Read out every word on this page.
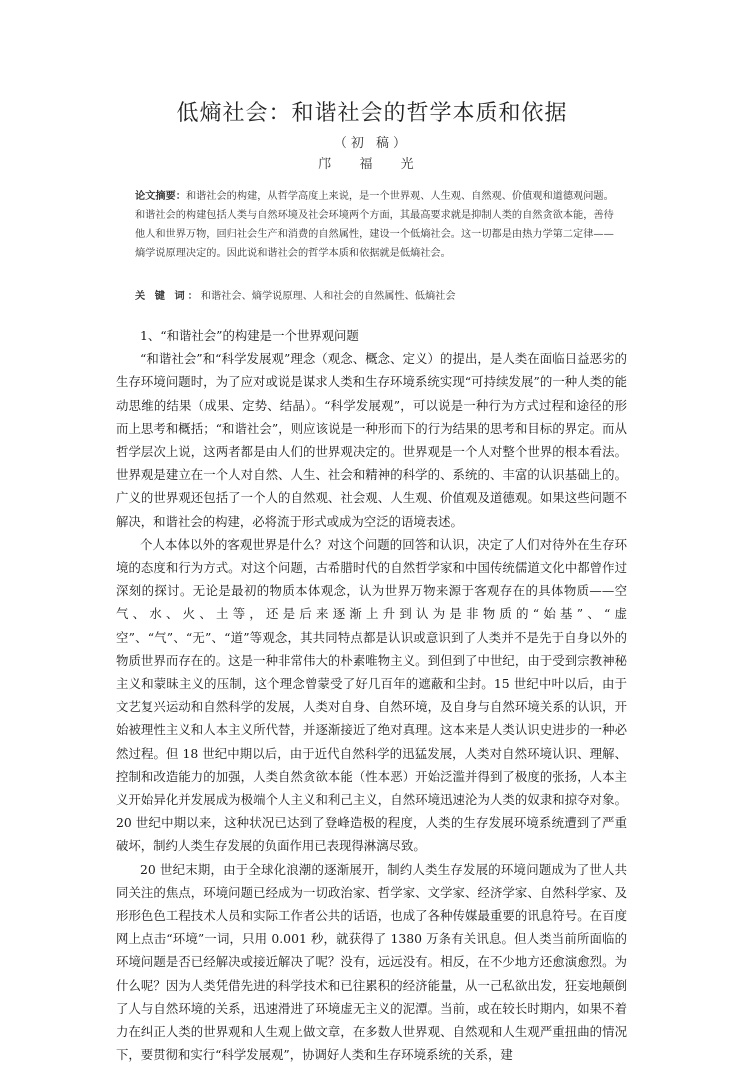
低熵社会：和谐社会的哲学本质和依据
（初 稿）
邝 福 光
论文摘要：和谐社会的构建，从哲学高度上来说，是一个世界观、人生观、自然观、价值观和道德观问题。和谐社会的构建包括人类与自然环境及社会环境两个方面，其最高要求就是抑制人类的自然贪欲本能，善待他人和世界万物，回归社会生产和消费的自然属性，建设一个低熵社会。这一切都是由热力学第二定律——熵学说原理决定的。因此说和谐社会的哲学本质和依据就是低熵社会。
关 键 词：和谐社会、熵学说原理、人和社会的自然属性、低熵社会

1、“和谐社会”的构建是一个世界观问题

“和谐社会”和“科学发展观”理念（观念、概念、定义）的提出，是人类在面临日益恶劣的生存环境问题时，为了应对或说是谋求人类和生存环境系统实现“可持续发展”的一种人类的能动思维的结果（成果、定势、结晶）。“科学发展观”，可以说是一种行为方式过程和途径的形而上思考和概括；“和谐社会”，则应该说是一种形而下的行为结果的思考和目标的界定。而从哲学层次上说，这两者都是由人们的世界观决定的。世界观是一个人对整个世界的根本看法。世界观是建立在一个人对自然、人生、社会和精神的科学的、系统的、丰富的认识基础上的。广义的世界观还包括了一个人的自然观、社会观、人生观、价值观及道德观。如果这些问题不解决，和谐社会的构建，必将流于形式或成为空泛的语境表述。

个人本体以外的客观世界是什么？对这个问题的回答和认识，决定了人们对待外在生存环境的态度和行为方式。对这个问题，古希腊时代的自然哲学家和中国传统儒道文化中都曾作过深刻的探讨。无论是最初的物质本体观念，认为世界万物来源于客观存在的具体物质——空气、水、火、土等，还是后来逐渐上升到认为是非物质的“始基”、“虚空”、“气”、“无”、“道”等观念，其共同特点都是认识或意识到了人类并不是先于自身以外的物质世界而存在的。这是一种非常伟大的朴素唯物主义。到但到了中世纪，由于受到宗教神秘主义和蒙昧主义的压制，这个理念曾蒙受了好几百年的遮蔽和尘封。15 世纪中叶以后，由于文艺复兴运动和自然科学的发展，人类对自身、自然环境，及自身与自然环境关系的认识，开始被理性主义和人本主义所代替，并逐渐接近了绝对真理。这本来是人类认识史进步的一种必然过程。但 18 世纪中期以后，由于近代自然科学的迅猛发展，人类对自然环境认识、理解、控制和改造能力的加强，人类自然贪欲本能（性本恶）开始泛滥并得到了极度的张扬，人本主义开始异化并发展成为极端个人主义和利己主义，自然环境迅速沦为人类的奴隶和掠夺对象。20 世纪中期以来，这种状况已达到了登峰造极的程度，人类的生存发展环境系统遭到了严重破坏，制约人类生存发展的负面作用已表现得淋漓尽致。

20 世纪末期，由于全球化浪潮的逐渐展开，制约人类生存发展的环境问题成为了世人共同关注的焦点，环境问题已经成为一切政治家、哲学家、文学家、经济学家、自然科学家、及形形色色工程技术人员和实际工作者公共的话语，也成了各种传媒最重要的讯息符号。在百度网上点击“环境”一词，只用 0.001 秒，就获得了 1380 万条有关讯息。但人类当前所面临的环境问题是否已经解决或接近解决了呢？没有，远远没有。相反，在不少地方还愈演愈烈。为什么呢？因为人类凭借先进的科学技术和已往累积的经济能量，从一己私欲出发，狂妄地颠倒了人与自然环境的关系，迅速滑进了环境虚无主义的泥潭。当前，或在较长时期内，如果不着力在纠正人类的世界观和人生观上做文章，在多数人世界观、自然观和人生观严重扭曲的情况下，要贯彻和实行“科学发展观”，协调好人类和生存环境系统的关系，建
